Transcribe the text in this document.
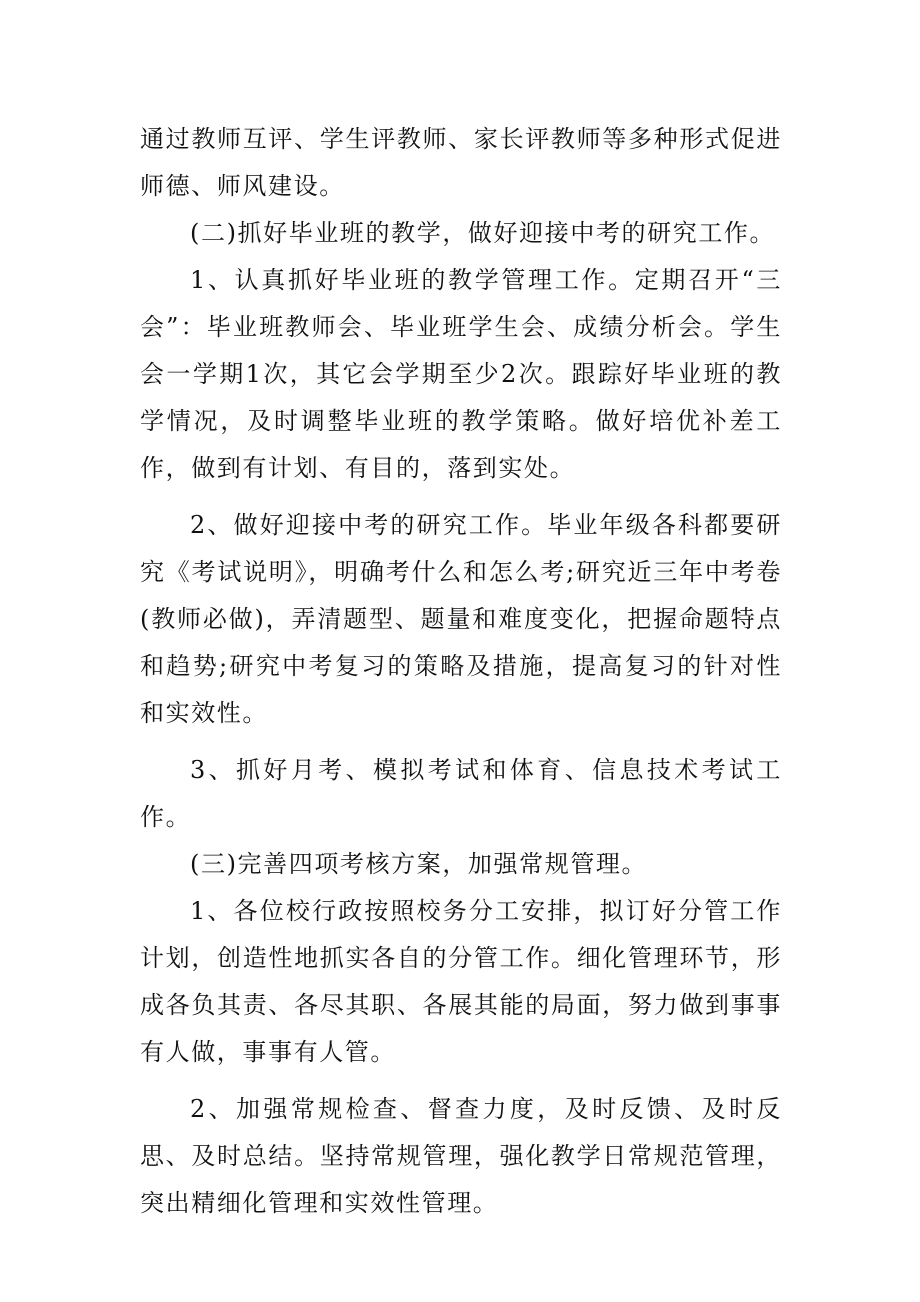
通过教师互评、学生评教师、家长评教师等多种形式促进师德、师风建设。

(二)抓好毕业班的教学，做好迎接中考的研究工作。

1、认真抓好毕业班的教学管理工作。定期召开“三会”：毕业班教师会、毕业班学生会、成绩分析会。学生会一学期1次，其它会学期至少2次。跟踪好毕业班的教学情况，及时调整毕业班的教学策略。做好培优补差工作，做到有计划、有目的，落到实处。

2、做好迎接中考的研究工作。毕业年级各科都要研究《考试说明》，明确考什么和怎么考;研究近三年中考卷(教师必做)，弄清题型、题量和难度变化，把握命题特点和趋势;研究中考复习的策略及措施，提高复习的针对性和实效性。

3、抓好月考、模拟考试和体育、信息技术考试工作。

(三)完善四项考核方案，加强常规管理。

1、各位校行政按照校务分工安排，拟订好分管工作计划，创造性地抓实各自的分管工作。细化管理环节，形成各负其责、各尽其职、各展其能的局面，努力做到事事有人做，事事有人管。

2、加强常规检查、督查力度，及时反馈、及时反思、及时总结。坚持常规管理，强化教学日常规范管理，突出精细化管理和实效性管理。
